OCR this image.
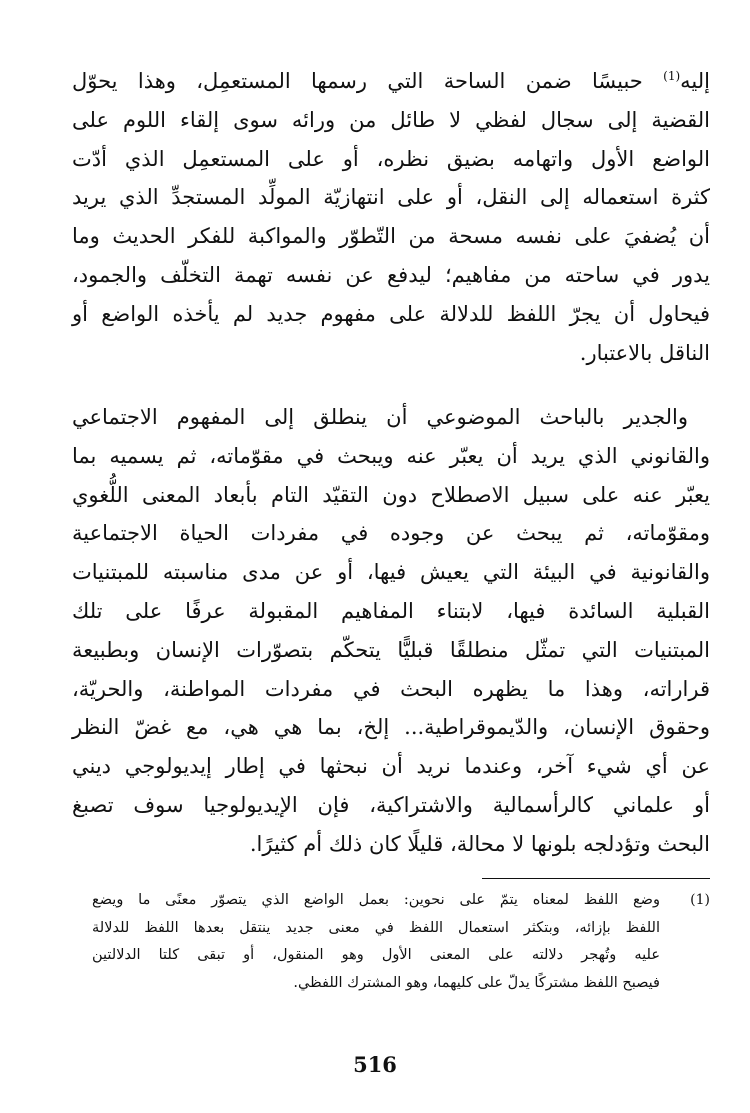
إليه$^{(1)}$ حبيسًا ضمن الساحة التي رسمها المستعمِل، وهذا يحوّل
القضية إلى سجال لفظي لا طائل من ورائه سوى إلقاء اللوم على
الواضع الأول واتهامه بضيق نظره، أو على المستعمِل الذي أدّت
كثرة استعماله إلى النقل، أو على انتهازيّة المولِّد المستجدِّ الذي يريد
أن يُضفيَ على نفسه مسحة من التّطوّر والمواكبة للفكر الحديث وما
يدور في ساحته من مفاهيم؛ ليدفع عن نفسه تهمة التخلّف والجمود،
فيحاول أن يجرّ اللفظ للدلالة على مفهوم جديد لم يأخذه الواضع أو
الناقل بالاعتبار.
والجدير بالباحث الموضوعي أن ينطلق إلى المفهوم الاجتماعي
والقانوني الذي يريد أن يعبّر عنه ويبحث في مقوّماته، ثم يسميه بما
يعبّر عنه على سبيل الاصطلاح دون التقيّد التام بأبعاد المعنى اللُّغوي
ومقوّماته، ثم يبحث عن وجوده في مفردات الحياة الاجتماعية
والقانونية في البيئة التي يعيش فيها، أو عن مدى مناسبته للمبتنيات
القبلية السائدة فيها، لابتناء المفاهيم المقبولة عرفًا على تلك
المبتنيات التي تمثّل منطلقًا قبليًّا يتحكّم بتصوّرات الإنسان وبطبيعة
قراراته، وهذا ما يظهره البحث في مفردات المواطنة، والحريّة،
وحقوق الإنسان، والدّيموقراطية... إلخ، بما هي هي، مع غضّ النظر
عن أي شيء آخر، وعندما نريد أن نبحثها في إطار إيديولوجي ديني
أو علماني كالرأسمالية والاشتراكية، فإن الإيديولوجيا سوف تصبغ
البحث وتؤدلجه بلونها لا محالة، قليلًا كان ذلك أم كثيرًا.
(1)
وضع اللفظ لمعناه يتمّ على نحوين: بعمل الواضع الذي يتصوّر معنًى ما ويضع
اللفظ بإزائه، وبتكثر استعمال اللفظ في معنى جديد ينتقل بعدها اللفظ للدلالة
عليه وتُهجر دلالته على المعنى الأول وهو المنقول، أو تبقى كلتا الدلالتين
فيصبح اللفظ مشتركًا يدلّ على كليهما، وهو المشترك اللفظي.
516
